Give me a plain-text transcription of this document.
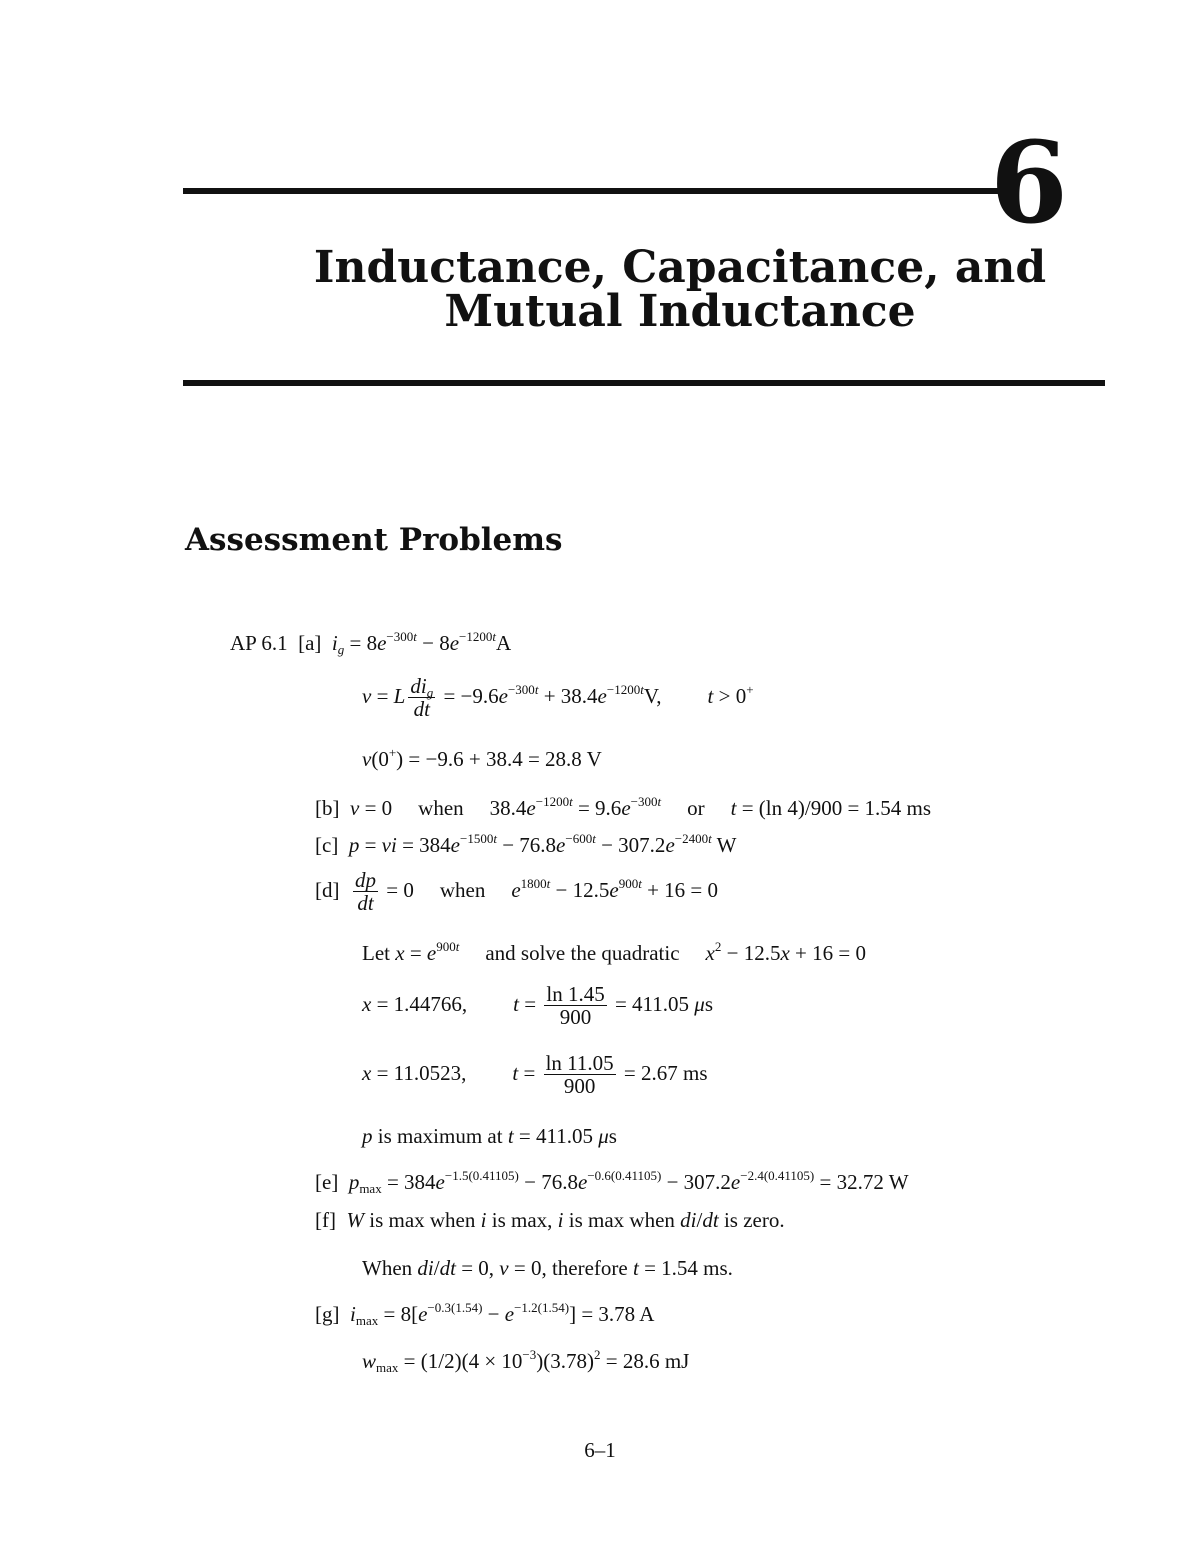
6
Inductance, Capacitance, and
Mutual Inductance
Assessment Problems
AP 6.1 [a] $i_g = 8e^{-300t} - 8e^{-1200t}A$
v = L $\frac{di_g}{dt} = -9.6e^{-300t} + 38.4e^{-1200t}V$, t > 0+
v(0+) = −9.6 + 38.4 = 28.8 V
[b] v = 0 when $38.4e^{-1200t} = 9.6e^{-300t}$ or t = (ln 4)/900 = 1.54 ms
[c] p = vi = $384e^{-1500t} - 76.8e^{-600t} - 307.2e^{-2400t}$ W
$[d] \frac{dp}{dt} = 0$ when $e^{1800t} - 12.5e^{900t} + 16 = 0$
Let $x = e^{900t}$ and solve the quadratic $x^2 - 12.5x + 16 = 0$
x = 1.44766, $t = \frac{\ln 1.45}{900} = 411.05$ μs
x = 11.0523, $t = \frac{\ln 11.05}{900} = 2.67$ ms
p is maximum at t = 411.05 μs
[e] $p_{max} = 384e^{-1.5(0.41105)} - 76.8e^{-0.6(0.41105)} - 307.2e^{-2.4(0.41105)} = 32.72$ W
[f] W is max when i is max, i is max when di/dt is zero.
When di/dt = 0, v = 0, therefore t = 1.54 ms.
[g] $i_{max} = 8[e^{-0.3(1.54)} - e^{-1.2(1.54)}] = 3.78$ A
$w_{max} = (1/2)(4 \times 10^{-3})(3.78)^2 = 28.6$ mJ
6–1
